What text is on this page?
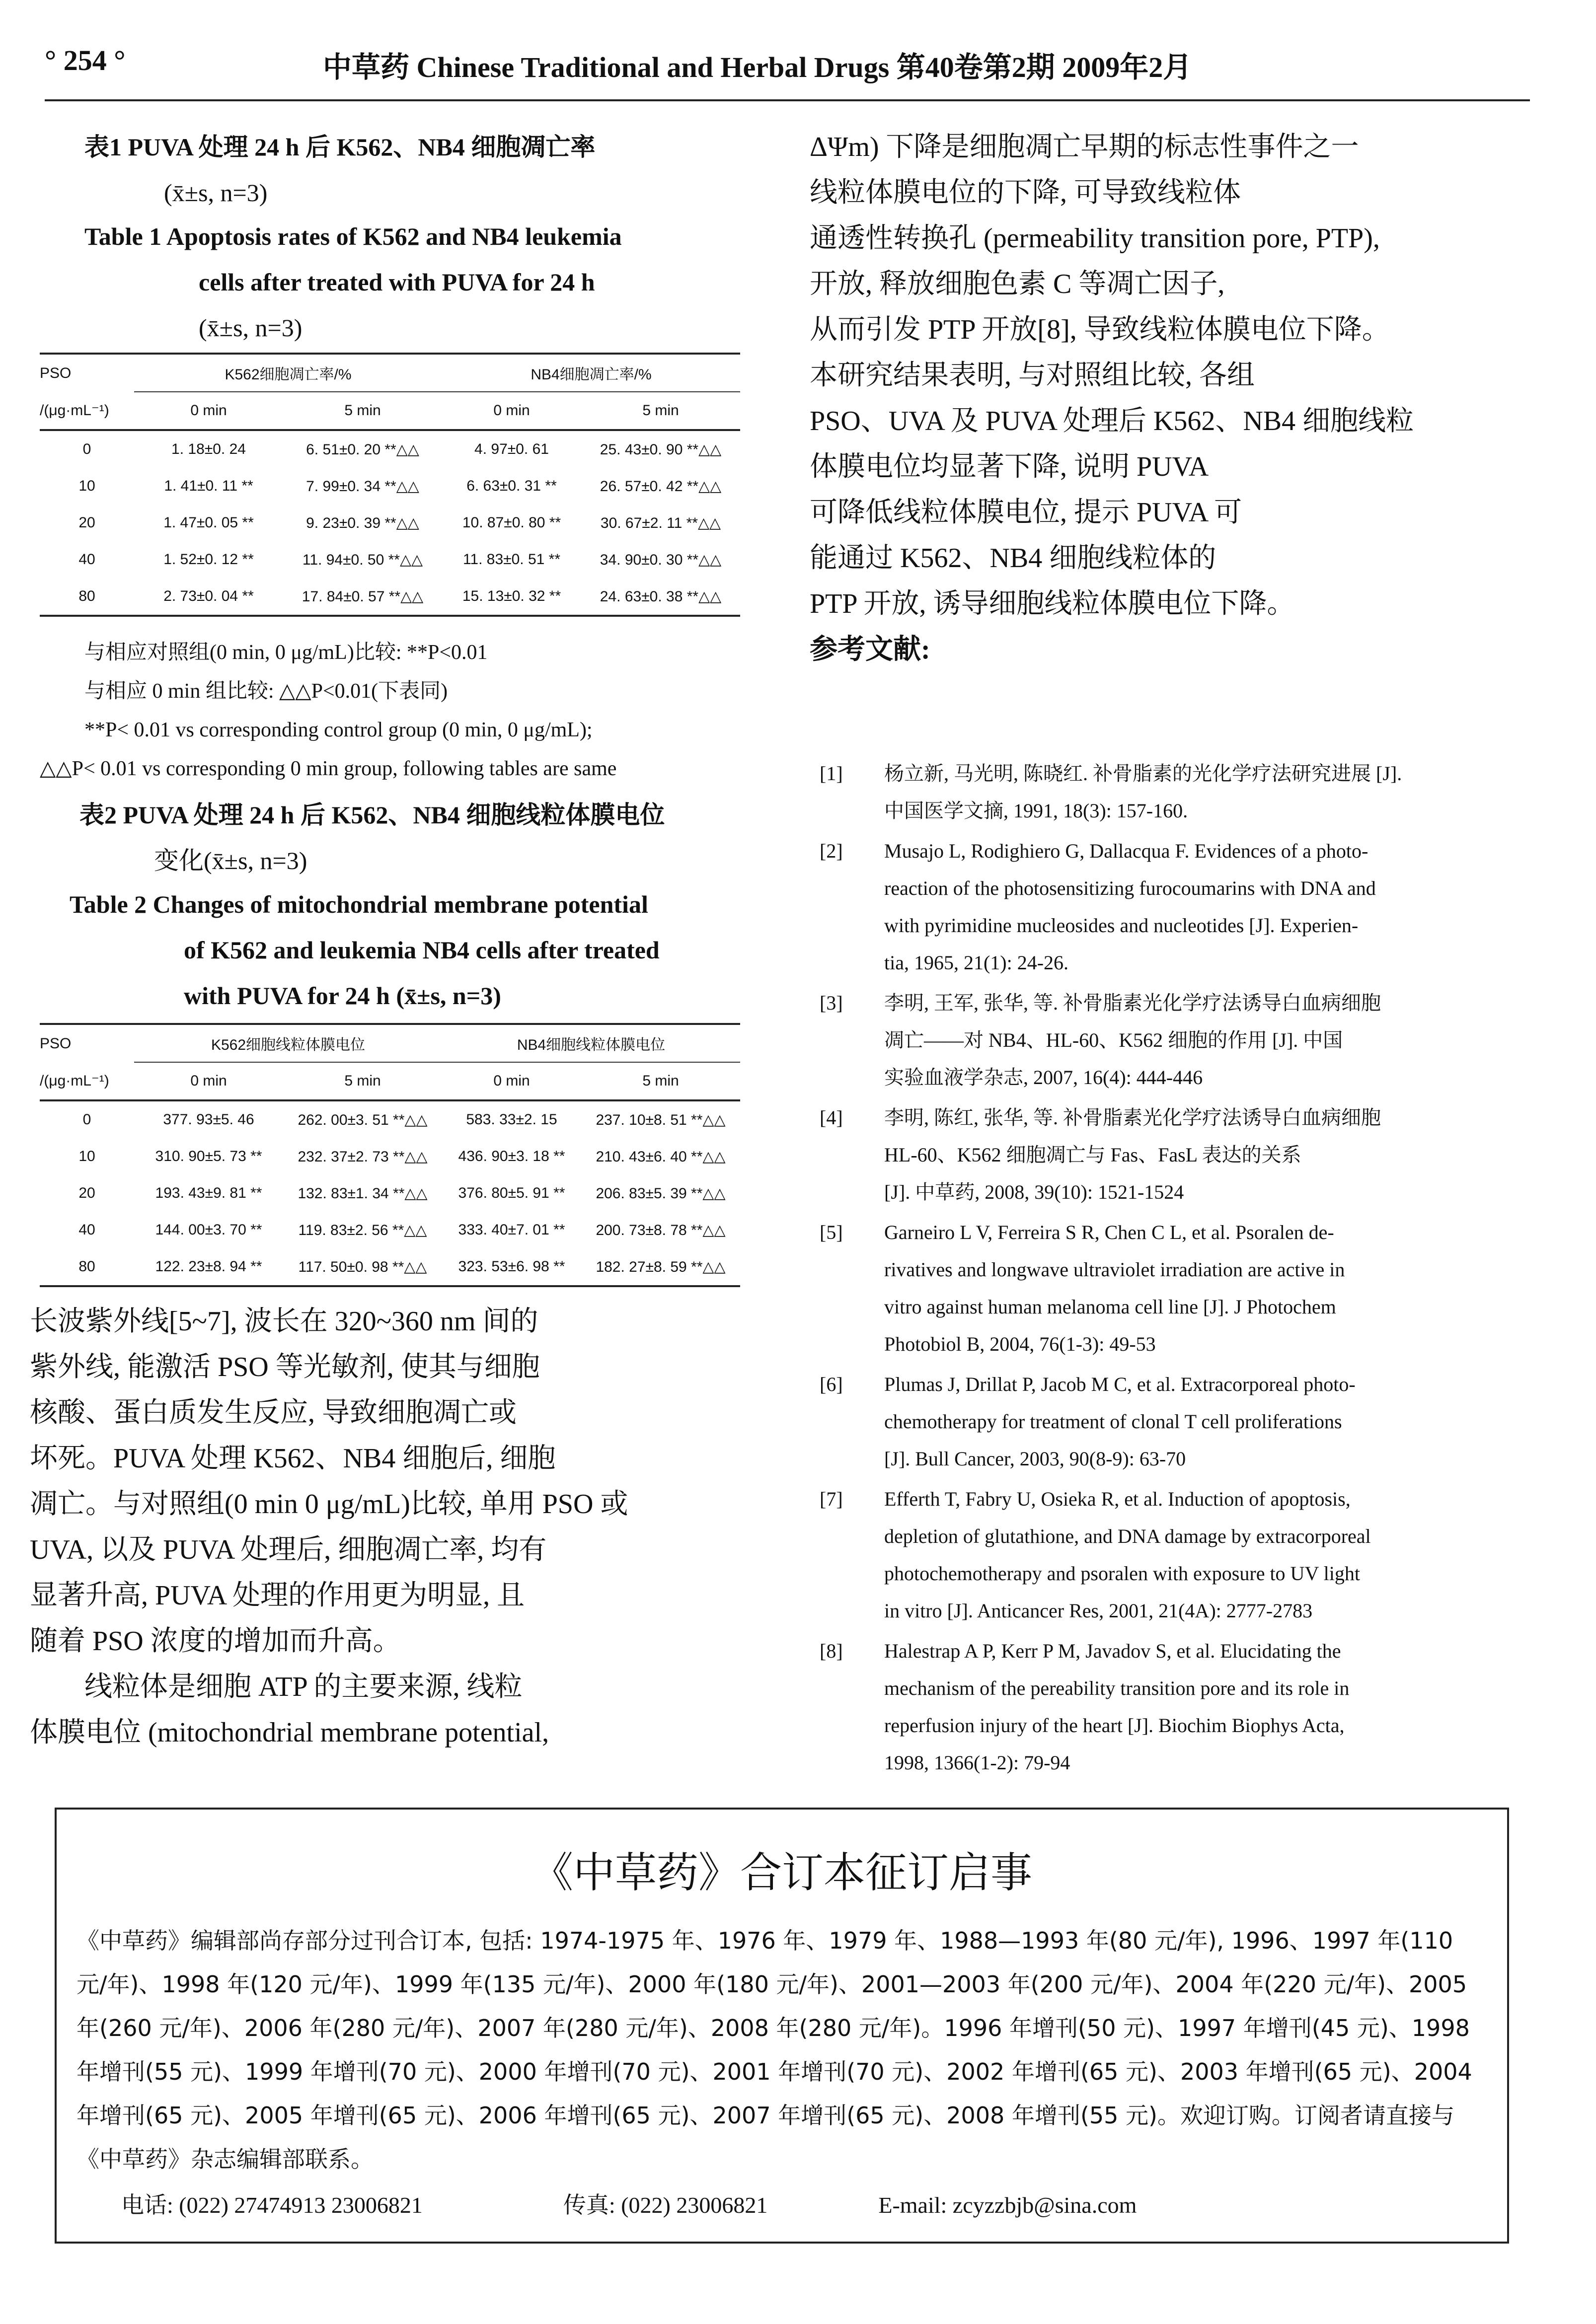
° 254 °	中草药 Chinese Traditional and Herbal Drugs 第40卷第2期 2009年2月
表1 PUVA 处理 24 h 后 K562、NB4 细胞凋亡率
(x̄±s, n=3)
Table 1 Apoptosis rates of K562 and NB4 leukemia
cells after treated with PUVA for 24 h
(x̄±s, n=3)
PSO	K562细胞凋亡率/%		NB4细胞凋亡率/%	
/(μg·mL⁻¹)	0 min	5 min	0 min	5 min
0	1. 18±0. 24	6. 51±0. 20 **△△	4. 97±0. 61	25. 43±0. 90 **△△
10	1. 41±0. 11 **	7. 99±0. 34 **△△	6. 63±0. 31 **	26. 57±0. 42 **△△
20	1. 47±0. 05 **	9. 23±0. 39 **△△	10. 87±0. 80 **	30. 67±2. 11 **△△
40	1. 52±0. 12 **	11. 94±0. 50 **△△	11. 83±0. 51 **	34. 90±0. 30 **△△
80	2. 73±0. 04 **	17. 84±0. 57 **△△	15. 13±0. 32 **	24. 63±0. 38 **△△
与相应对照组(0 min, 0 μg/mL)比较: **P<0.01
与相应 0 min 组比较: △△P<0.01(下表同)
**P< 0.01 vs corresponding control group (0 min, 0 μg/mL);
△△P< 0.01 vs corresponding 0 min group, following tables are same
表2 PUVA 处理 24 h 后 K562、NB4 细胞线粒体膜电位
变化(x̄±s, n=3)
Table 2 Changes of mitochondrial membrane potential
of K562 and leukemia NB4 cells after treated
with PUVA for 24 h (x̄±s, n=3)
PSO	K562细胞线粒体膜电位		NB4细胞线粒体膜电位	
/(μg·mL⁻¹)	0 min	5 min	0 min	5 min
0	377. 93±5. 46	262. 00±3. 51 **△△	583. 33±2. 15	237. 10±8. 51 **△△
10	310. 90±5. 73 **	232. 37±2. 73 **△△	436. 90±3. 18 **	210. 43±6. 40 **△△
20	193. 43±9. 81 **	132. 83±1. 34 **△△	376. 80±5. 91 **	206. 83±5. 39 **△△
40	144. 00±3. 70 **	119. 83±2. 56 **△△	333. 40±7. 01 **	200. 73±8. 78 **△△
80	122. 23±8. 94 **	117. 50±0. 98 **△△	323. 53±6. 98 **	182. 27±8. 59 **△△
长波紫外线[5~7], 波长在 320~360 nm 间的
紫外线, 能激活 PSO 等光敏剂, 使其与细胞
核酸、蛋白质发生反应, 导致细胞凋亡或
坏死。PUVA 处理 K562、NB4 细胞后, 细胞
凋亡。与对照组(0 min 0 μg/mL)比较, 单用 PSO 或
UVA, 以及 PUVA 处理后, 细胞凋亡率, 均有
显著升高, PUVA 处理的作用更为明显, 且
随着 PSO 浓度的增加而升高。
线粒体是细胞 ATP 的主要来源, 线粒
体膜电位 (mitochondrial membrane potential,
ΔΨm) 下降是细胞凋亡早期的标志性事件之一
线粒体膜电位的下降, 可导致线粒体
通透性转换孔 (permeability transition pore, PTP),
开放, 释放细胞色素 C 等凋亡因子,
从而引发 PTP 开放[8], 导致线粒体膜电位下降。
本研究结果表明, 与对照组比较, 各组
PSO、UVA 及 PUVA 处理后 K562、NB4 细胞线粒
体膜电位均显著下降, 说明 PUVA
可降低线粒体膜电位, 提示 PUVA 可
能通过 K562、NB4 细胞线粒体的
PTP 开放, 诱导细胞线粒体膜电位下降。
参考文献:
[1] 杨立新, 马光明, 陈晓红. 补骨脂素的光化学疗法研究进展 [J].
中国医学文摘, 1991, 18(3): 157-160.
[2] Musajo L, Rodighiero G, Dallacqua F. Evidences of a photo-
reaction of the photosensitizing furocoumarins with DNA and
with pyrimidine mucleosides and nucleotides [J]. Experien-
tia, 1965, 21(1): 24-26.
[3] 李明, 王军, 张华, 等. 补骨脂素光化学疗法诱导白血病细胞
凋亡——对 NB4、HL-60、K562 细胞的作用 [J]. 中国
实验血液学杂志, 2007, 16(4): 444-446
[4] 李明, 陈红, 张华, 等. 补骨脂素光化学疗法诱导白血病细胞
HL-60、K562 细胞凋亡与 Fas、FasL 表达的关系
[J]. 中草药, 2008, 39(10): 1521-1524
[5] Garneiro L V, Ferreira S R, Chen C L, et al. Psoralen de-
rivatives and longwave ultraviolet irradiation are active in
vitro against human melanoma cell line [J]. J Photochem
Photobiol B, 2004, 76(1-3): 49-53
[6] Plumas J, Drillat P, Jacob M C, et al. Extracorporeal photo-
chemotherapy for treatment of clonal T cell proliferations
[J]. Bull Cancer, 2003, 90(8-9): 63-70
[7] Efferth T, Fabry U, Osieka R, et al. Induction of apoptosis,
depletion of glutathione, and DNA damage by extracorporeal
photochemotherapy and psoralen with exposure to UV light
in vitro [J]. Anticancer Res, 2001, 21(4A): 2777-2783
[8] Halestrap A P, Kerr P M, Javadov S, et al. Elucidating the
mechanism of the pereability transition pore and its role in
reperfusion injury of the heart [J]. Biochim Biophys Acta,
1998, 1366(1-2): 79-94
《中草药》合订本征订启事
《中草药》编辑部尚存部分过刊合订本, 包括: 1974-1975 年、1976 年、1979 年、1988—1993 年(80 元/年), 1996、1997 年(110 元/年)、1998 年(120 元/年)、1999 年(135 元/年)、2000 年(180 元/年)、2001—2003 年(200 元/年)、2004 年(220 元/年)、2005 年(260 元/年)、2006 年(280 元/年)、2007 年(280 元/年)、2008 年(280 元/年)。1996 年增刊(50 元)、1997 年增刊(45 元)、1998 年增刊(55 元)、1999 年增刊(70 元)、2000 年增刊(70 元)、2001 年增刊(70 元)、2002 年增刊(65 元)、2003 年增刊(65 元)、2004 年增刊(65 元)、2005 年增刊(65 元)、2006 年增刊(65 元)、2007 年增刊(65 元)、2008 年增刊(55 元)。欢迎订购。订阅者请直接与《中草药》杂志编辑部联系。
电话: (022) 27474913 23006821	传真: (022) 23006821	E-mail: zcyzzbjb@sina.com
